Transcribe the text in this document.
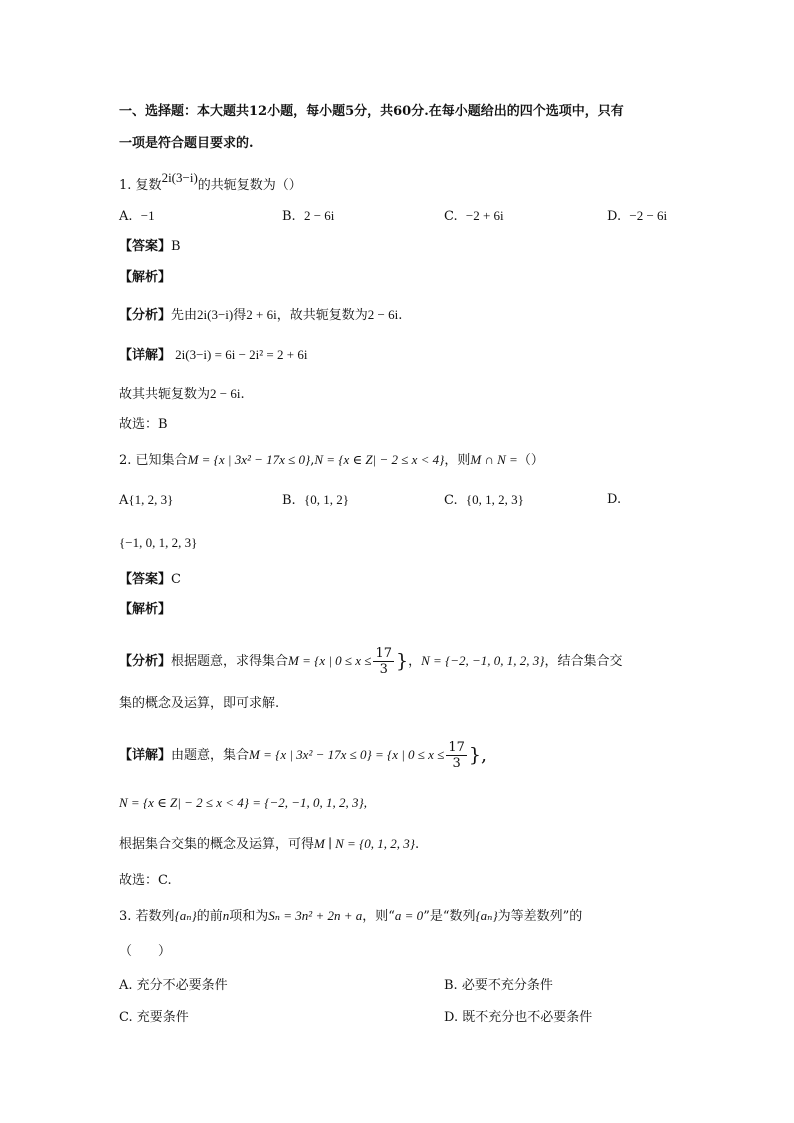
一、选择题：本大题共12小题，每小题5分，共60分.在每小题给出的四个选项中，只有
一项是符合题目要求的.
1. 复数2i(3−i)的共轭复数为（）
A. −1	B. 2 − 6i	C. −2 + 6i	D. −2 − 6i
【答案】B
【解析】
【分析】先由2i(3−i)得2 + 6i，故共轭复数为2 − 6i.
【详解】 2i(3−i) = 6i − 2i² = 2 + 6i
故其共轭复数为2 − 6i.
故选：B
2. 已知集合M = {x | 3x² − 17x ≤ 0},N = {x ∈ Z| − 2 ≤ x < 4}，则M ∩ N =（）
A{1, 2, 3}	B. {0, 1, 2}	C. {0, 1, 2, 3}	D.
{−1, 0, 1, 2, 3}
【答案】C
【解析】
【分析】根据题意，求得集合M = {x | $0 \le x \le \frac{17}{3}$ }，N = {−2, −1, 0, 1, 2, 3}，结合集合交
集的概念及运算，即可求解.
【详解】由题意，集合M = {x | 3x² − 17x ≤ 0} = {x | $0 \le x \le \frac{17}{3}$ },
N = {x ∈ Z| − 2 ≤ x < 4} = {−2, −1, 0, 1, 2, 3},
根据集合交集的概念及运算，可得M ∣ N = {0, 1, 2, 3}.
故选：C.
3. 若数列{aₙ}的前n项和为Sₙ = 3n² + 2n + a，则“a = 0”是“数列{aₙ}为等差数列”的
（　　）
A. 充分不必要条件	B. 必要不充分条件
C. 充要条件	D. 既不充分也不必要条件
